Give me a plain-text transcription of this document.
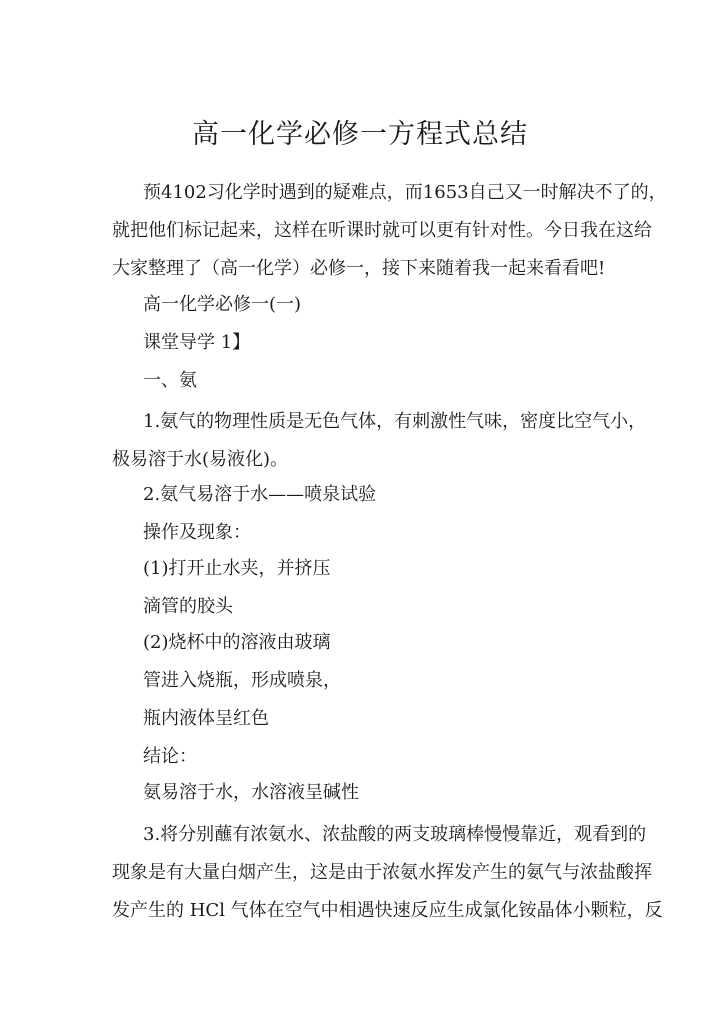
高一化学必修一方程式总结
预4102习化学时遇到的疑难点，而1653自己又一时解决不了的，
就把他们标记起来，这样在听课时就可以更有针对性。今日我在这给
大家整理了（高一化学）必修一，接下来随着我一起来看看吧!
高一化学必修一(一)
课堂导学 1】
一、氨
1.氨气的物理性质是无色气体，有刺激性气味，密度比空气小，
极易溶于水(易液化)。
2.氨气易溶于水——喷泉试验
操作及现象：
(1)打开止水夹，并挤压
滴管的胶头
(2)烧杯中的溶液由玻璃
管进入烧瓶，形成喷泉，
瓶内液体呈红色
结论：
氨易溶于水，水溶液呈碱性
3.将分别蘸有浓氨水、浓盐酸的两支玻璃棒慢慢靠近，观看到的
现象是有大量白烟产生，这是由于浓氨水挥发产生的氨气与浓盐酸挥
发产生的 HCl 气体在空气中相遇快速反应生成氯化铵晶体小颗粒，反
